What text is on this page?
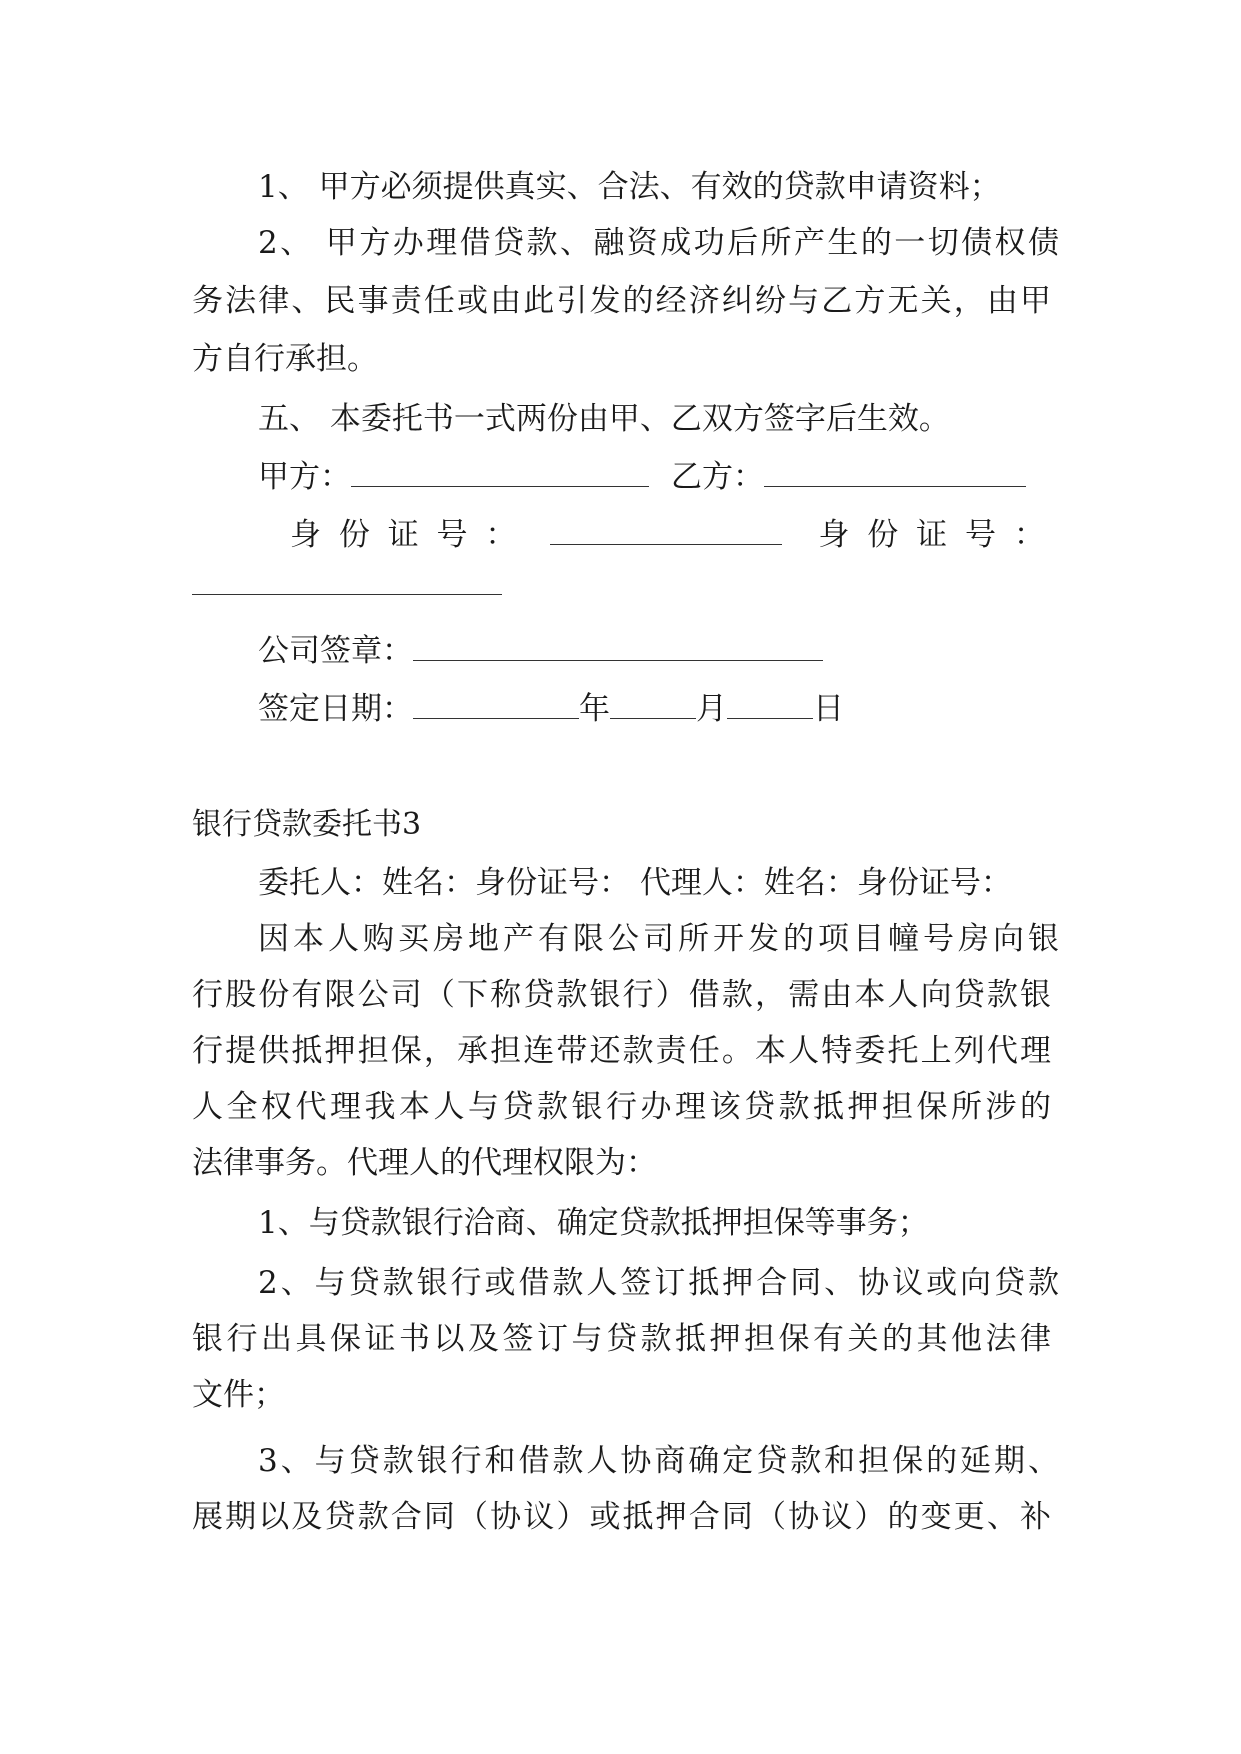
1、 甲方必须提供真实、合法、有效的贷款申请资料；
2、 甲方办理借贷款、融资成功后所产生的一切债权债
务法律、民事责任或由此引发的经济纠纷与乙方无关，由甲
方自行承担。
五、 本委托书一式两份由甲、乙双方签字后生效。
甲方：	乙方：
身 份 证 号 ：	身 份 证 号 ：
公司签章：
签定日期：	年	月	日
银行贷款委托书3
委托人：姓名：身份证号： 代理人：姓名：身份证号：
因本人购买房地产有限公司所开发的项目幢号房向银
行股份有限公司（下称贷款银行）借款，需由本人向贷款银
行提供抵押担保，承担连带还款责任。本人特委托上列代理
人全权代理我本人与贷款银行办理该贷款抵押担保所涉的
法律事务。代理人的代理权限为：
1、与贷款银行洽商、确定贷款抵押担保等事务；
2、与贷款银行或借款人签订抵押合同、协议或向贷款
银行出具保证书以及签订与贷款抵押担保有关的其他法律
文件；
3、与贷款银行和借款人协商确定贷款和担保的延期、
展期以及贷款合同（协议）或抵押合同（协议）的变更、补
